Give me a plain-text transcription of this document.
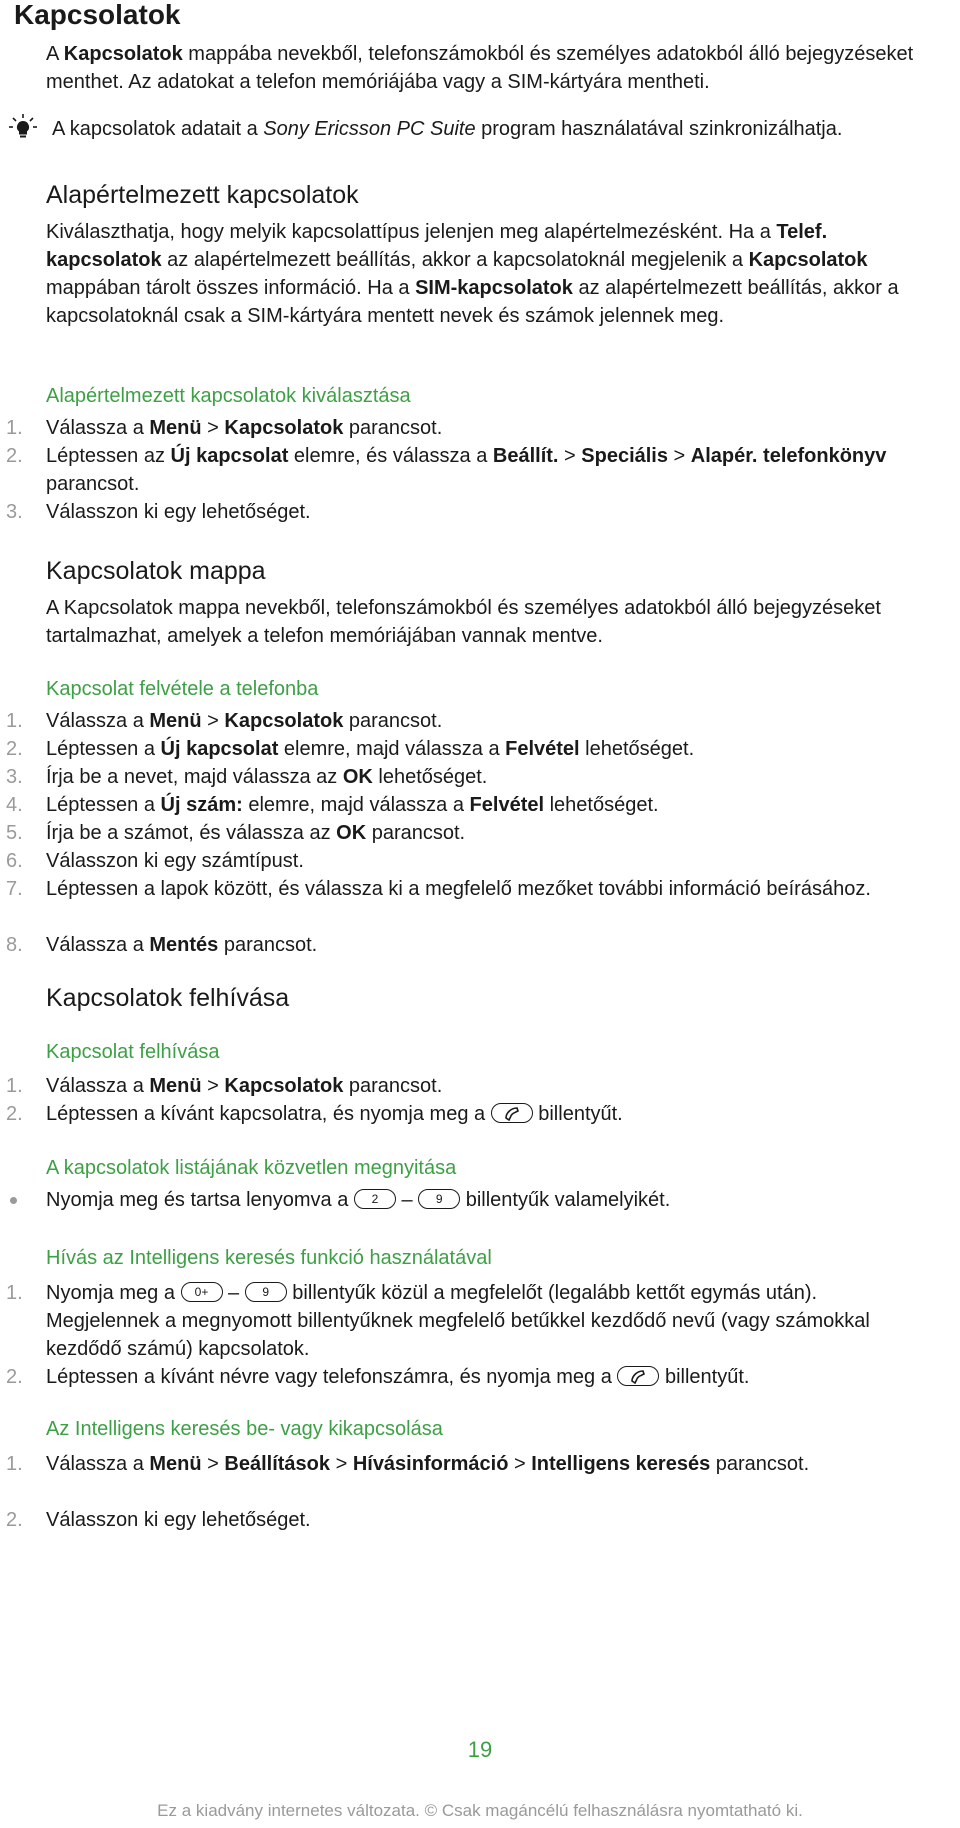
Kapcsolatok
A Kapcsolatok mappába nevekből, telefonszámokból és személyes adatokból álló bejegyzéseket menthet. Az adatokat a telefon memóriájába vagy a SIM-kártyára mentheti.
A kapcsolatok adatait a Sony Ericsson PC Suite program használatával szinkronizálhatja.
Alapértelmezett kapcsolatok
Kiválaszthatja, hogy melyik kapcsolattípus jelenjen meg alapértelmezésként. Ha a Telef. kapcsolatok az alapértelmezett beállítás, akkor a kapcsolatoknál megjelenik a Kapcsolatok mappában tárolt összes információ. Ha a SIM-kapcsolatok az alapértelmezett beállítás, akkor a kapcsolatoknál csak a SIM-kártyára mentett nevek és számok jelennek meg.
Alapértelmezett kapcsolatok kiválasztása
1. Válassza a Menü > Kapcsolatok parancsot.
2. Léptessen az Új kapcsolat elemre, és válassza a Beállít. > Speciális > Alapér. telefonkönyv parancsot.
3. Válasszon ki egy lehetőséget.
Kapcsolatok mappa
A Kapcsolatok mappa nevekből, telefonszámokból és személyes adatokból álló bejegyzéseket tartalmazhat, amelyek a telefon memóriájában vannak mentve.
Kapcsolat felvétele a telefonba
1. Válassza a Menü > Kapcsolatok parancsot.
2. Léptessen a Új kapcsolat elemre, majd válassza a Felvétel lehetőséget.
3. Írja be a nevet, majd válassza az OK lehetőséget.
4. Léptessen a Új szám: elemre, majd válassza a Felvétel lehetőséget.
5. Írja be a számot, és válassza az OK parancsot.
6. Válasszon ki egy számtípust.
7. Léptessen a lapok között, és válassza ki a megfelelő mezőket további információ beírásához.
8. Válassza a Mentés parancsot.
Kapcsolatok felhívása
Kapcsolat felhívása
1. Válassza a Menü > Kapcsolatok parancsot.
2. Léptessen a kívánt kapcsolatra, és nyomja meg a
billentyűt.
A kapcsolatok listájának közvetlen megnyitása
Nyomja meg és tartsa lenyomva a 2 – 9 billentyűk valamelyikét.
Hívás az Intelligens keresés funkció használatával
1. Nyomja meg a 0+ – 9 billentyűk közül a megfelelőt (legalább kettőt egymás után). Megjelennek a megnyomott billentyűknek megfelelő betűkkel kezdődő nevű (vagy számokkal kezdődő számú) kapcsolatok.
2. Léptessen a kívánt névre vagy telefonszámra, és nyomja meg a
billentyűt.
Az Intelligens keresés be- vagy kikapcsolása
1. Válassza a Menü > Beállítások > Hívásinformáció > Intelligens keresés parancsot.
2. Válasszon ki egy lehetőséget.
19
Ez a kiadvány internetes változata. © Csak magáncélú felhasználásra nyomtatható ki.
